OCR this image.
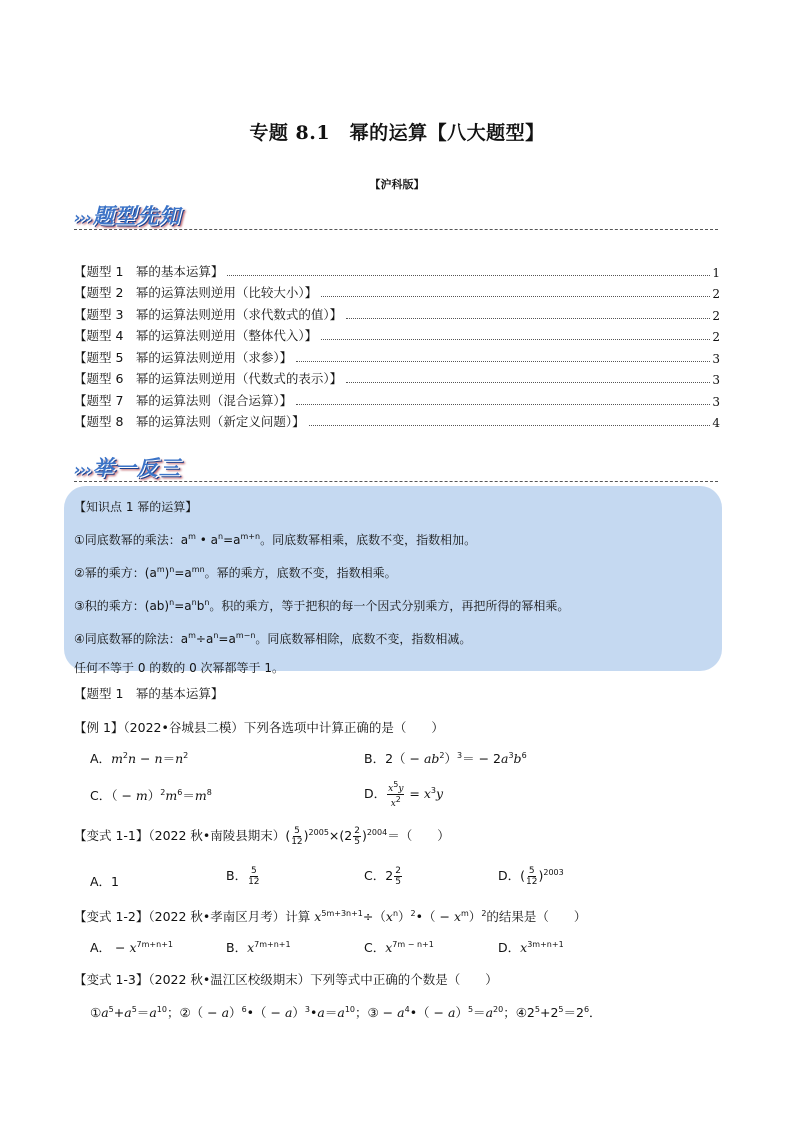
专题 8.1　幂的运算【八大题型】
【沪科版】
›››题型先知
【题型 1　幂的基本运算】	1
【题型 2　幂的运算法则逆用（比较大小）】	2
【题型 3　幂的运算法则逆用（求代数式的值）】	2
【题型 4　幂的运算法则逆用（整体代入）】	2
【题型 5　幂的运算法则逆用（求参）】	3
【题型 6　幂的运算法则逆用（代数式的表示）】	3
【题型 7　幂的运算法则（混合运算）】	3
【题型 8　幂的运算法则（新定义问题）】	4
›››举一反三
【知识点 1 幂的运算】
①同底数幂的乘法：$a^m$ • $a^n=a^{m+n}$。同底数幂相乘，底数不变，指数相加。
②幂的乘方：$(a^m)^n=a^{mn}$。幂的乘方，底数不变，指数相乘。
③积的乘方：$(ab)^n=a^nb^n$。积的乘方，等于把积的每一个因式分别乘方，再把所得的幂相乘。
④同底数幂的除法：$a^m\div a^n=a^{m-n}$。同底数幂相除，底数不变，指数相减。
任何不等于 0 的数的 0 次幂都等于 1。
【题型 1　幂的基本运算】
【例 1】（2022•谷城县二模）下列各选项中计算正确的是（　　）
A．$m^2n - n=n^2$	B．$2( - ab^2)^3= - 2a^3b^6$
C．（ − $m)^2m^6=m^8$	D． $\frac{x^5y}{x^2} = x^3y$
【变式 1-1】（2022 秋•南陵县期末）( $\frac{5}{12} )^{2005}\times(2 \frac{2}{5} )^{2004}=$（　　）
A．1	B． $\frac{5}{12}$	C．$2 \frac{2}{5}$	D．( $\frac{5}{12} )^{2003}$
【变式 1-2】（2022 秋•孝南区月考）计算 $x^{5m+3n+1}\div(x^n)^2•( - x^m)^2$的结果是（　　）
A． − $x^{7m+n+1}$	B．$x^{7m+n+1}$	C．$x^{7m - n+1}$	D．$x^{3m+n+1}$
【变式 1-3】（2022 秋•温江区校级期末）下列等式中正确的个数是（　　）
$①a^5+a^5=a^{10}$；②（ − a）$^6$•（ − $a)^3•a=a^{10}$；③ − $a^4•( - a)^5=a^{20}$；$④2^5+2^5=2^6$．
